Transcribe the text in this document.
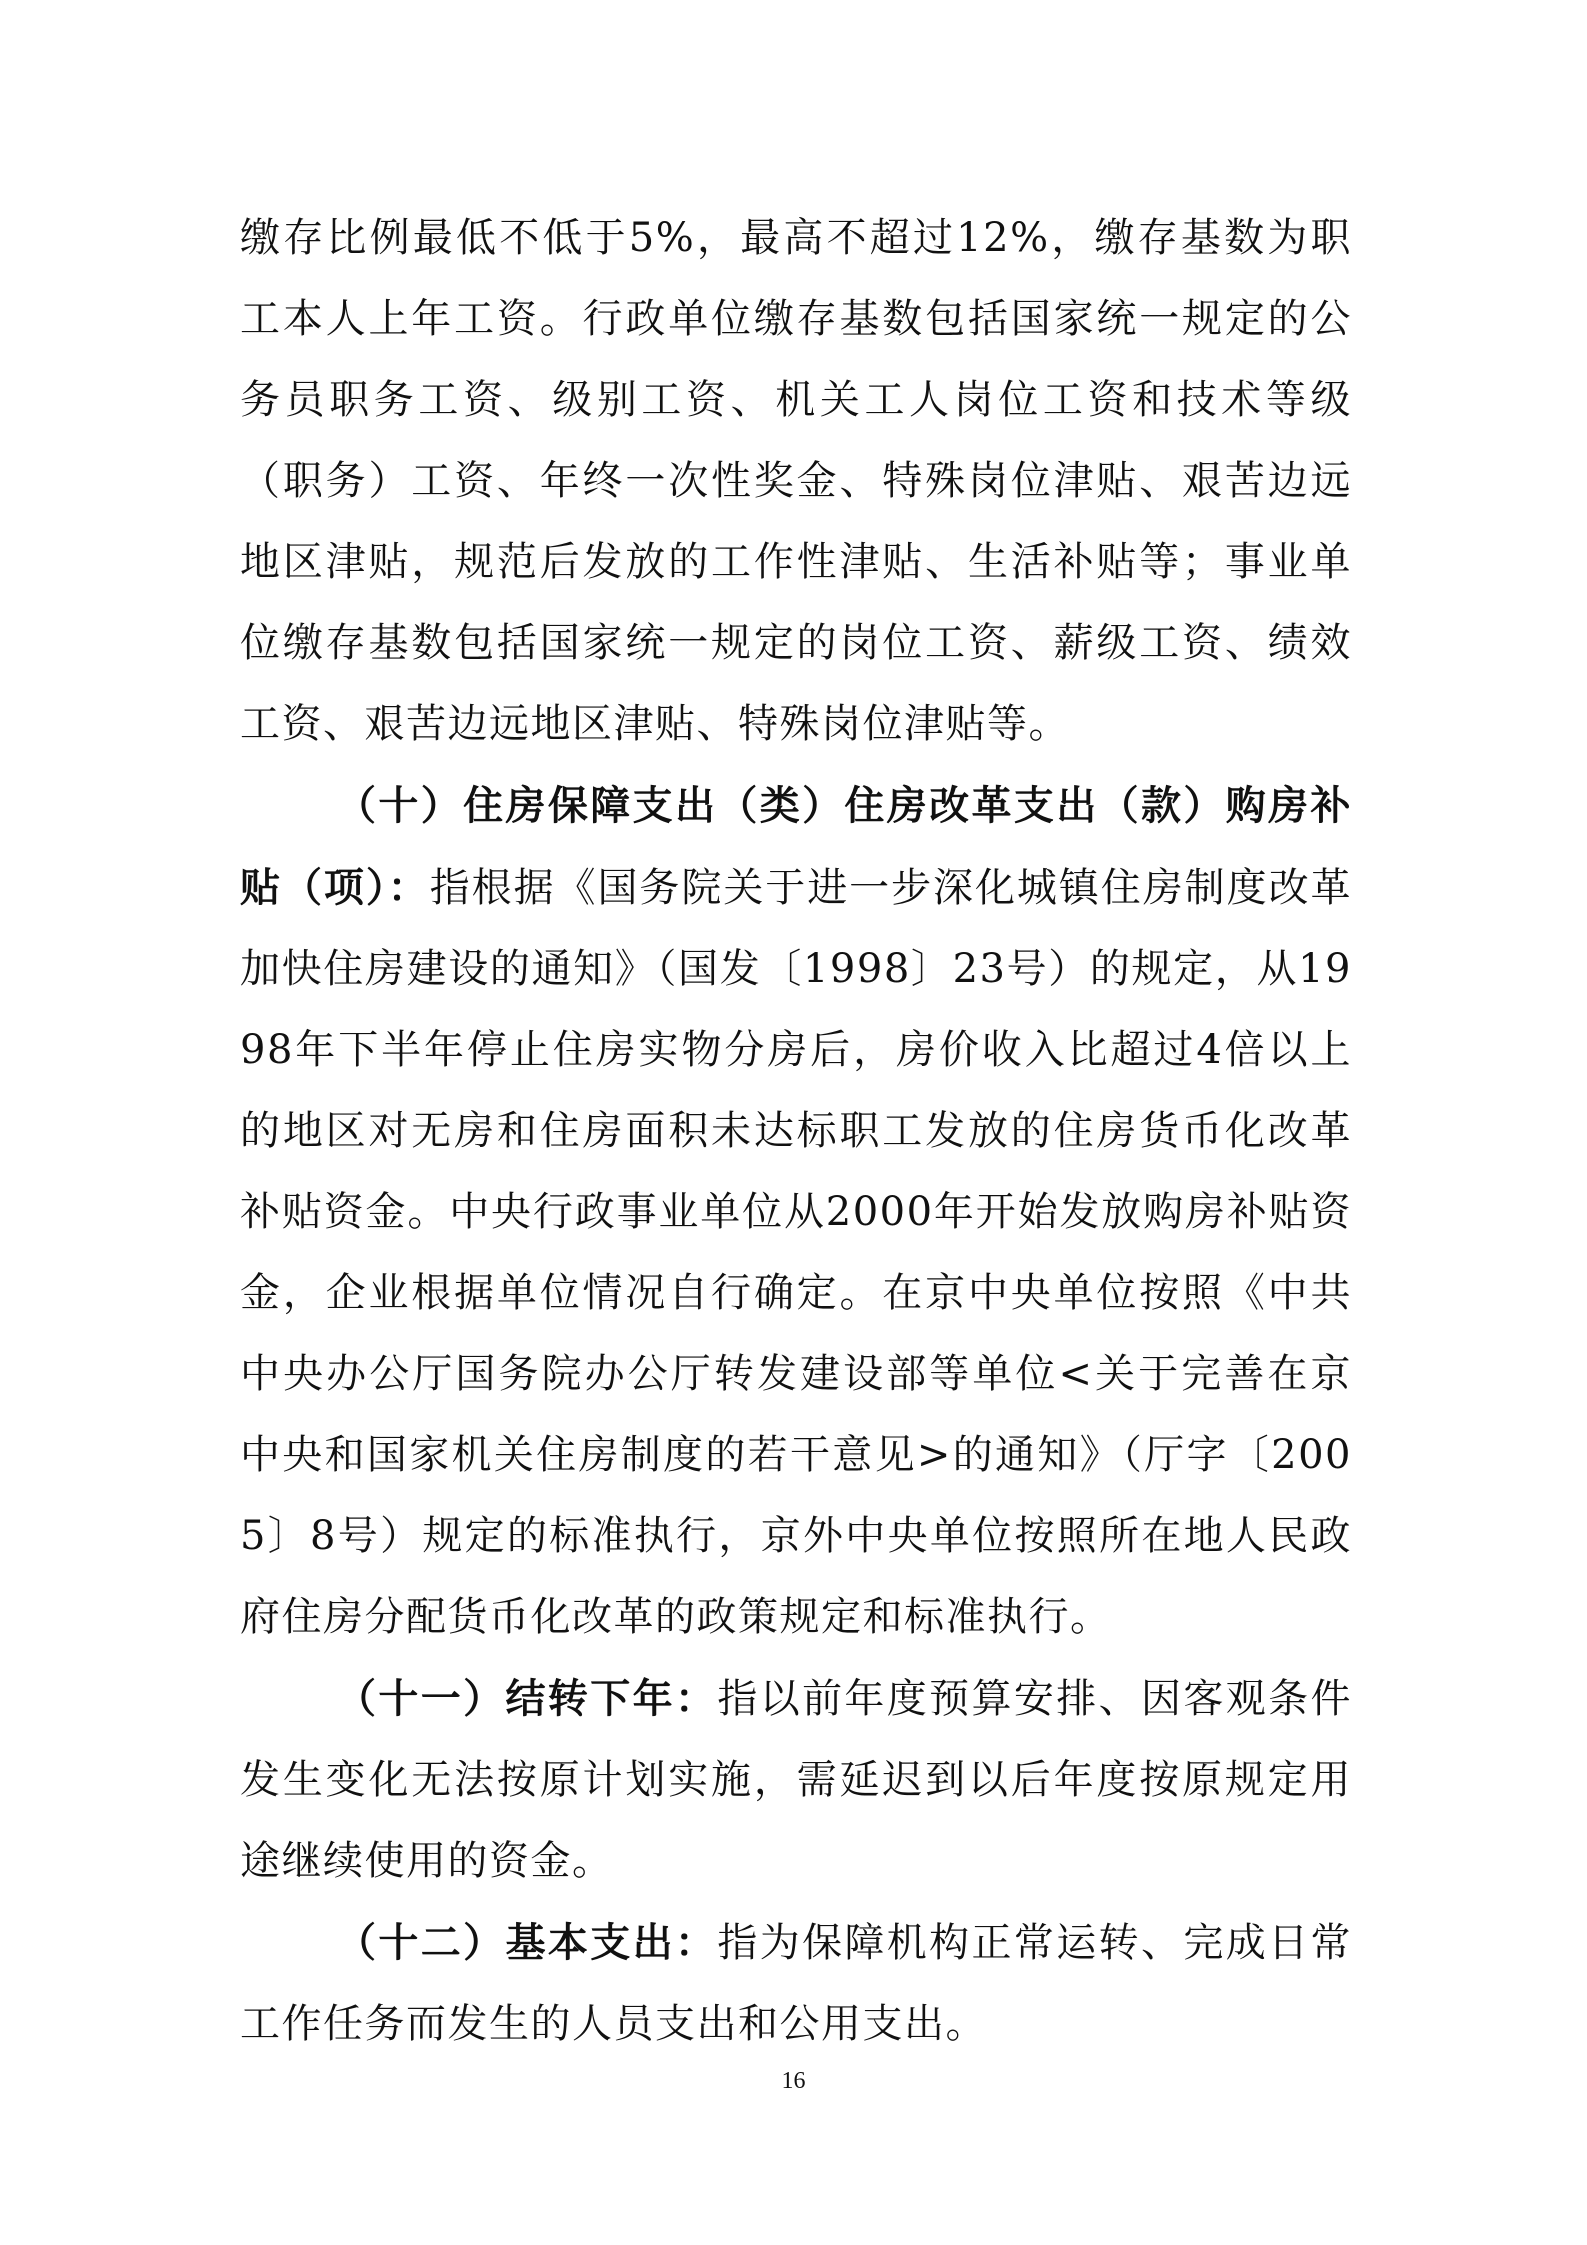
缴存比例最低不低于5%，最高不超过12%，缴存基数为职工本人上年工资。行政单位缴存基数包括国家统一规定的公务员职务工资、级别工资、机关工人岗位工资和技术等级（职务）工资、年终一次性奖金、特殊岗位津贴、艰苦边远地区津贴，规范后发放的工作性津贴、生活补贴等；事业单位缴存基数包括国家统一规定的岗位工资、薪级工资、绩效工资、艰苦边远地区津贴、特殊岗位津贴等。

（十）住房保障支出（类）住房改革支出（款）购房补贴（项）：指根据《国务院关于进一步深化城镇住房制度改革加快住房建设的通知》（国发〔1998〕23号）的规定，从1998年下半年停止住房实物分房后，房价收入比超过4倍以上的地区对无房和住房面积未达标职工发放的住房货币化改革补贴资金。中央行政事业单位从2000年开始发放购房补贴资金，企业根据单位情况自行确定。在京中央单位按照《中共中央办公厅国务院办公厅转发建设部等单位<关于完善在京中央和国家机关住房制度的若干意见>的通知》（厅字〔2005〕8号）规定的标准执行，京外中央单位按照所在地人民政府住房分配货币化改革的政策规定和标准执行。

（十一）结转下年：指以前年度预算安排、因客观条件发生变化无法按原计划实施，需延迟到以后年度按原规定用途继续使用的资金。

（十二）基本支出：指为保障机构正常运转、完成日常工作任务而发生的人员支出和公用支出。

16
